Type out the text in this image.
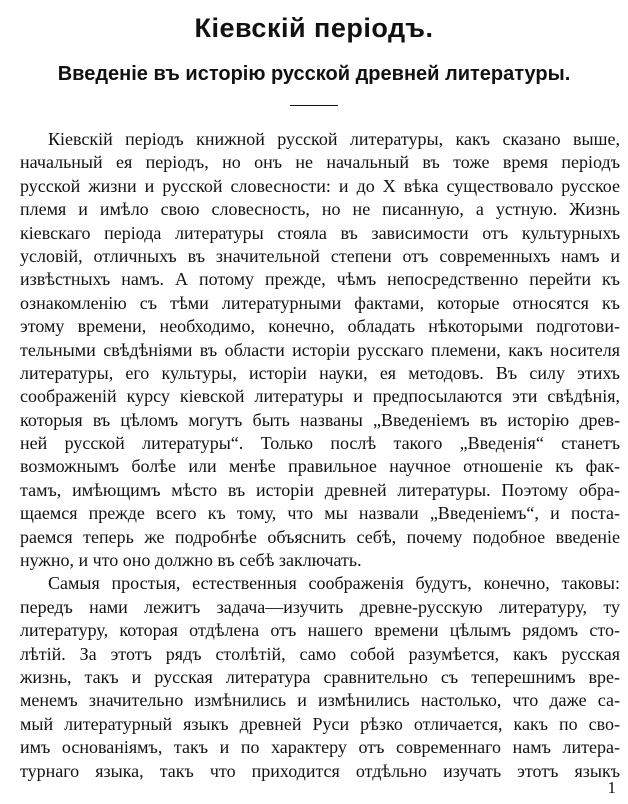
Кіевскій періодъ.
Введеніе въ исторію русской древней литературы.
Кіевскій періодъ книжной русской литературы, какъ сказано выше,
начальный ея періодъ, но онъ не начальный въ тоже время періодъ
русской жизни и русской словесности: и до X вѣка существовало русское
племя и имѣло свою словесность, но не писанную, а устную. Жизнь
кіевскаго періода литературы стояла въ зависимости отъ культурныхъ
условій, отличныхъ въ значительной степени отъ современныхъ намъ и
извѣстныхъ намъ. А потому прежде, чѣмъ непосредственно перейти къ
ознакомленію съ тѣми литературными фактами, которые относятся къ
этому времени, необходимо, конечно, обладать нѣкоторыми подготови-
тельными свѣдѣніями въ области исторіи русскаго племени, какъ носителя
литературы, его культуры, исторіи науки, ея методовъ. Въ силу этихъ
соображеній курсу кіевской литературы и предпосылаются эти свѣдѣнія,
которыя въ цѣломъ могутъ быть названы „Введеніемъ въ исторію древ-
ней русской литературы“. Только послѣ такого „Введенія“ станетъ
возможнымъ болѣе или менѣе правильное научное отношеніе къ фак-
тамъ, имѣющимъ мѣсто въ исторіи древней литературы. Поэтому обра-
щаемся прежде всего къ тому, что мы назвали „Введеніемъ“, и поста-
раемся теперь же подробнѣе объяснить себѣ, почему подобное введеніе
нужно, и что оно должно въ себѣ заключать.
Самыя простыя, естественныя соображенія будутъ, конечно, таковы:
передъ нами лежитъ задача—изучить древне-русскую литературу, ту
литературу, которая отдѣлена отъ нашего времени цѣлымъ рядомъ сто-
лѣтій. За этотъ рядъ столѣтій, само собой разумѣется, какъ русская
жизнь, такъ и русская литература сравнительно съ теперешнимъ вре-
менемъ значительно измѣнились и измѣнились настолько, что даже са-
мый литературный языкъ древней Руси рѣзко отличается, какъ по сво-
имъ основаніямъ, такъ и по характеру отъ современнаго намъ литера-
турнаго языка, такъ что приходится отдѣльно изучать этотъ языкъ
1
